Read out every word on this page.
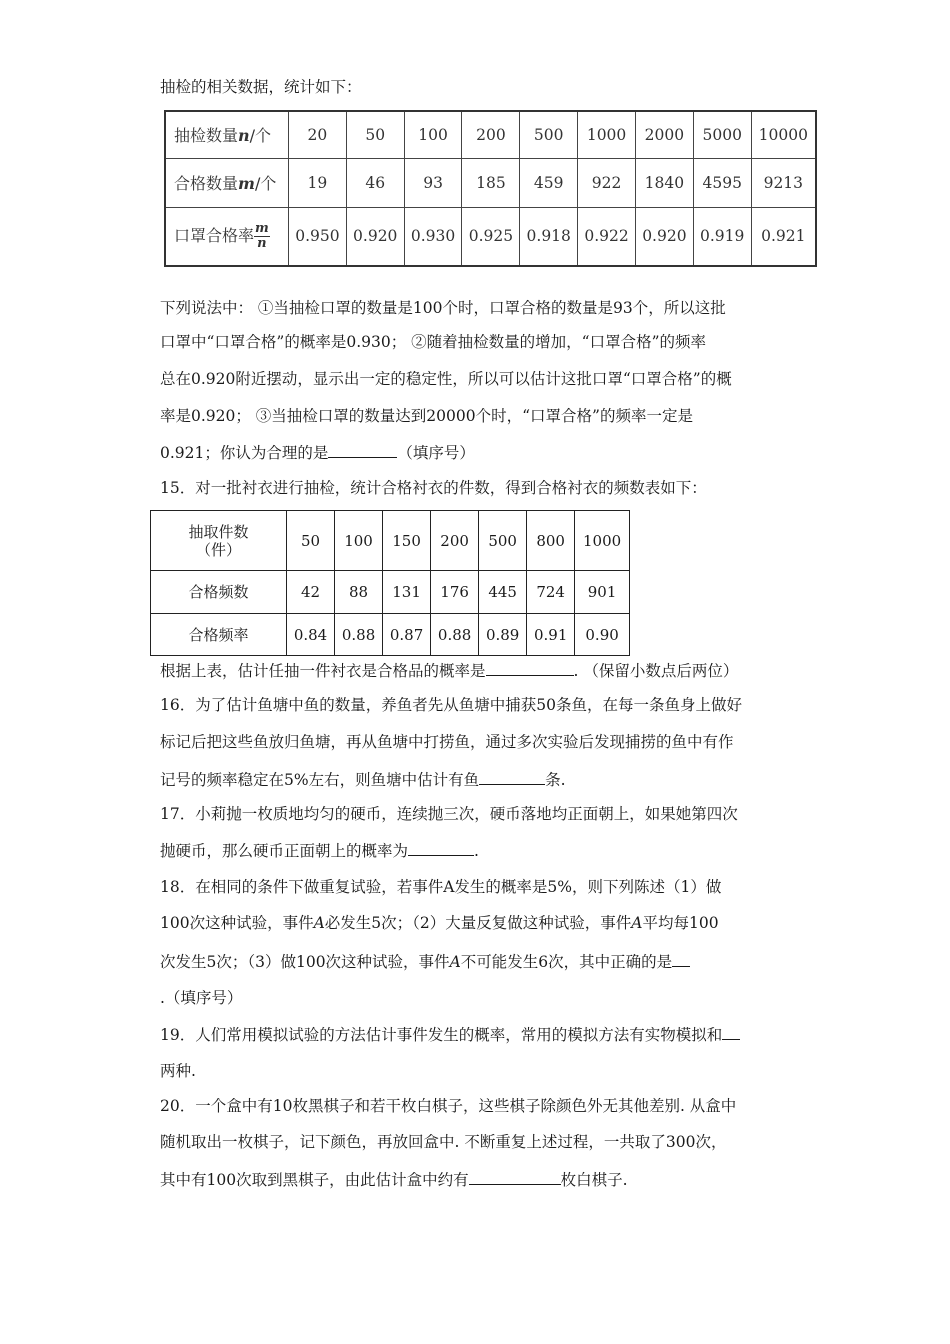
抽检的相关数据，统计如下：
抽检数量n/个	20	50	100	200	500	1000	2000	5000	10000
合格数量m/个	19	46	93	185	459	922	1840	4595	9213
口罩合格率 $\frac{m}{n}$	0.950	0.920	0.930	0.925	0.918	0.922	0.920	0.919	0.921
下列说法中： ①当抽检口罩的数量是100个时，口罩合格的数量是93个，所以这批
口罩中“口罩合格”的概率是0.930； ②随着抽检数量的增加，“口罩合格”的频率
总在0.920附近摆动，显示出一定的稳定性，所以可以估计这批口罩“口罩合格”的概
率是0.920； ③当抽检口罩的数量达到20000个时，“口罩合格”的频率一定是
0.921；你认为合理的是	（填序号）
15．对一批衬衣进行抽检，统计合格衬衣的件数，得到合格衬衣的频数表如下：
抽取件数
（件）	50	100	150	200	500	800	1000
合格频数	42	88	131	176	445	724	901
合格频率	0.84	0.88	0.87	0.88	0.89	0.91	0.90
根据上表，估计任抽一件衬衣是合格品的概率是	. （保留小数点后两位）
16．为了估计鱼塘中鱼的数量，养鱼者先从鱼塘中捕获50条鱼，在每一条鱼身上做好
标记后把这些鱼放归鱼塘，再从鱼塘中打捞鱼，通过多次实验后发现捕捞的鱼中有作
记号的频率稳定在5%左右，则鱼塘中估计有鱼	条.
17．小莉抛一枚质地均匀的硬币，连续抛三次，硬币落地均正面朝上，如果她第四次
抛硬币，那么硬币正面朝上的概率为	.
18．在相同的条件下做重复试验，若事件A发生的概率是5%，则下列陈述（1）做
100次这种试验，事件A必发生5次；（2）大量反复做这种试验，事件A平均每100
次发生5次；（3）做100次这种试验，事件A不可能发生6次，其中正确的是
.（填序号）
19．人们常用模拟试验的方法估计事件发生的概率，常用的模拟方法有实物模拟和
两种.
20．一个盒中有10枚黑棋子和若干枚白棋子，这些棋子除颜色外无其他差别. 从盒中
随机取出一枚棋子，记下颜色，再放回盒中. 不断重复上述过程，一共取了300次，
其中有100次取到黑棋子，由此估计盒中约有	枚白棋子.
